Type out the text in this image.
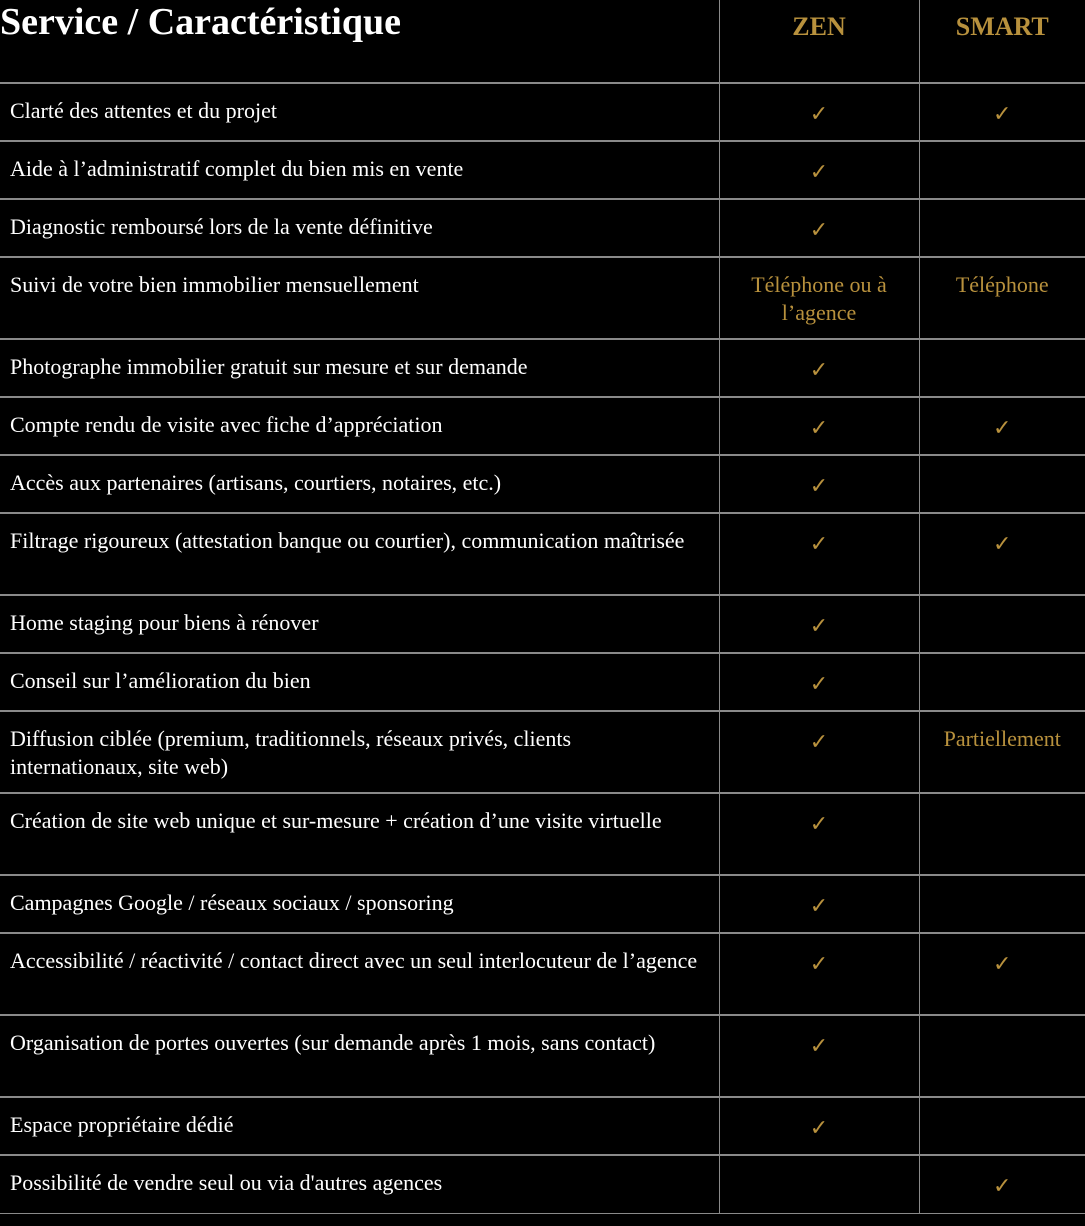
Service / Caractéristique	ZEN	SMART
Clarté des attentes et du projet	✓	✓
Aide à l’administratif complet du bien mis en vente	✓	
Diagnostic remboursé lors de la vente définitive	✓	
Suivi de votre bien immobilier mensuellement	Téléphone ou à l’agence	Téléphone
Photographe immobilier gratuit sur mesure et sur demande	✓	
Compte rendu de visite avec fiche d’appréciation	✓	✓
Accès aux partenaires (artisans, courtiers, notaires, etc.)	✓	
Filtrage rigoureux (attestation banque ou courtier), communication maîtrisée	✓	✓
Home staging pour biens à rénover	✓	
Conseil sur l’amélioration du bien	✓	
Diffusion ciblée (premium, traditionnels, réseaux privés, clients internationaux, site web)	✓	Partiellement
Création de site web unique et sur-mesure + création d’une visite virtuelle	✓	
Campagnes Google / réseaux sociaux / sponsoring	✓	
Accessibilité / réactivité / contact direct avec un seul interlocuteur de l’agence	✓	✓
Organisation de portes ouvertes (sur demande après 1 mois, sans contact)	✓	
Espace propriétaire dédié	✓	
Possibilité de vendre seul ou via d'autres agences		✓
